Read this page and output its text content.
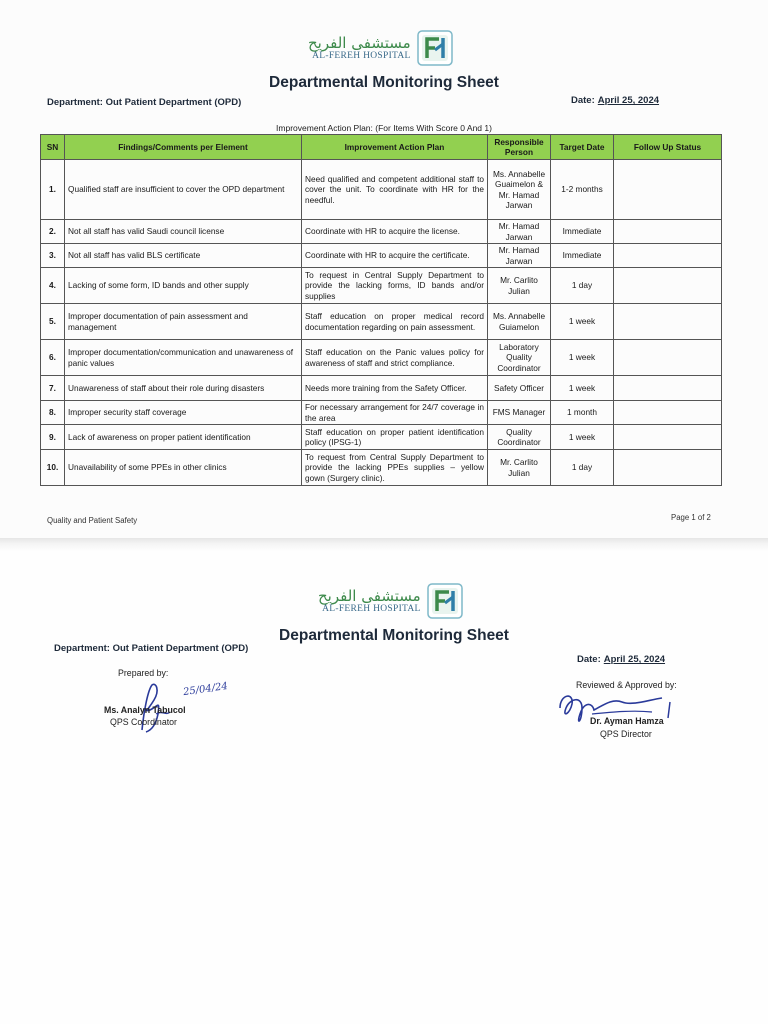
مستشفى الفريح
AL-FEREH HOSPITAL
Departmental Monitoring Sheet
Department: Out Patient Department (OPD)	Date: April 25, 2024
Improvement Action Plan: (For Items With Score 0 And 1)
SN	Findings/Comments per Element	Improvement Action Plan	Responsible Person	Target Date	Follow Up Status
1.	Qualified staff are insufficient to cover the OPD department	Need qualified and competent additional staff to cover the unit. To coordinate with HR for the needful.	Ms. Annabelle Guaimelon & Mr. Hamad Jarwan	1-2 months	
2.	Not all staff has valid Saudi council license	Coordinate with HR to acquire the license.	Mr. Hamad Jarwan	Immediate	
3.	Not all staff has valid BLS certificate	Coordinate with HR to acquire the certificate.	Mr. Hamad Jarwan	Immediate	
4.	Lacking of some form, ID bands and other supply	To request in Central Supply Department to provide the lacking forms, ID bands and/or supplies	Mr. Carlito Julian	1 day	
5.	Improper documentation of pain assessment and management	Staff education on proper medical record documentation regarding on pain assessment.	Ms. Annabelle Guiamelon	1 week	
6.	Improper documentation/communication and unawareness of panic values	Staff education on the Panic values policy for awareness of staff and strict compliance.	Laboratory Quality Coordinator	1 week	
7.	Unawareness of staff about their role during disasters	Needs more training from the Safety Officer.	Safety Officer	1 week	
8.	Improper security staff coverage	For necessary arrangement for 24/7 coverage in the area	FMS Manager	1 month	
9.	Lack of awareness on proper patient identification	Staff education on proper patient identification policy (IPSG-1)	Quality Coordinator	1 week	
10.	Unavailability of some PPEs in other clinics	To request from Central Supply Department to provide the lacking PPEs supplies – yellow gown (Surgery clinic).	Mr. Carlito Julian	1 day	
Quality and Patient Safety	Page 1 of 2
مستشفى الفريح
AL-FEREH HOSPITAL
Departmental Monitoring Sheet
Department: Out Patient Department (OPD)
Date: April 25, 2024
Prepared by:
25/04/24
Ms. Analyn Tabucol
QPS Coordinator
Reviewed & Approved by:
Dr. Ayman Hamza
QPS Director
